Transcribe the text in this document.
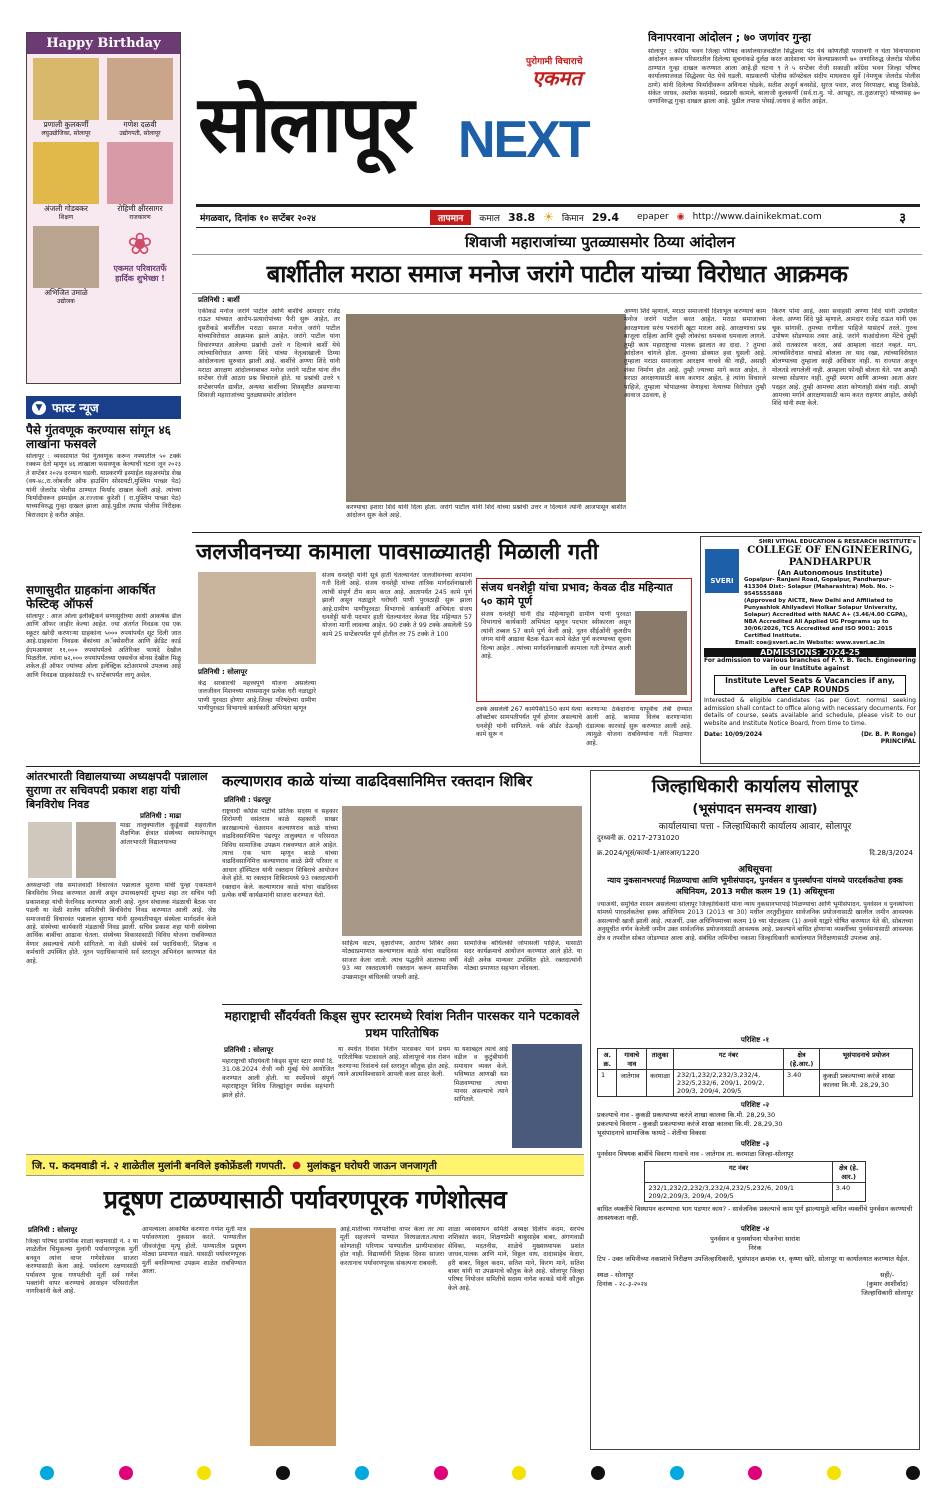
Happy Birthday
प्रणाली कुलकर्णी
लघुउद्योजिका, सोलापूर
गणेश दळवी
उद्योगपती, सोलापूर
अंजली गोडबकर
शिक्षण
रोहिणी क्षीरसागर
राजकारण
अभिजित उमाळे
उद्योजक
❀
एकमत परिवारतर्फे हार्दिक शुभेच्छा !
▼ फास्ट न्यूज
पैसे गुंतवणूक करण्यास सांगून ४६ लाखांना फसवले
सोलापूर : व्यवसायात पैसे गुंतवणूक करून नफ्यातील ५० टक्के रक्कम देतो म्हणून ४६ लाखाला फसवणूक केल्याची घटना जून २०२३ ते सप्टेंबर २०२४ दरम्यान घडली. याप्रकरणी इस्माईल सहअनमोड शेख (वय-४८,रा.जोबजीर ऑफ हाउसिंग सोसायटी,मुस्लिम पाच्छा पेठ) यांनी जेलरोड पोलीस ठाण्यात फिर्याद दाखल केली आहे. त्यांच्या फिर्यादीवरून इस्माईल अ.रज्जाक कुरेशी ( रा.मुस्लिम पाच्छा पेठ) याच्याविरुद्ध गुन्हा दाखल झाला आहे.पुढील तपास पोलीस निरीक्षक बिराजदार हे करीत आहेत.
सणासुदीत ग्राहकांना आकर्षित फेस्टिव्ह ऑफर्स
सोलापूर : आज ओला इलेक्ट्रिकने सणासुदीच्या आधी आकर्षक डील आणि ऑफर जाहीर केल्या आहेत. ज्या अंतर्गत निवडक एस एक स्कूटर खरेदी करणाऱ्या ग्राहकांना ५००० रुपयांपर्यंत सूट दिली जात आहे.ग्राहकांना निवडक बँकांच्या अॅक्सेसरीज आणि क्रेडिट कार्ड ईएमआयवर ११,००० रुपयांपर्यंतचे अतिरिक्त फायदे देखील मिळतील. त्यांना ७२,००० रुपयांपर्यंतच्या एक्सचेंज बोनस देखील मिळू शकेल.ही ऑफर ज्यांच्या ओला इलेक्ट्रिक स्टोअरमध्ये उपलब्ध आहे आणि निवडक ग्राहकांसाठी १५ सप्टेंबरपर्यंत लागू असेल.
सोलापूर
पुरोगामी विचाराचे
एकमत
NEXT
विनापरवाना आंदोलन ; ७० जणांवर गुन्हा
सोलापूर : कॉग्रेस भवन जिल्हा परिषद कार्यालयाजवळील सिद्धेश्वर पेठ येथे कोणतीही परवानगी न घेता विनापरवाना आंदोलन करून परिसरातील दिलेल्या सूचनांकडे दुर्लक्ष करत आदेशाचा भंग केल्याप्रकरणी ७० जणांविरुद्ध जेलरोड पोलीस ठाण्यात गुन्हा दाखल करण्यात आला आहे.ही घटना ९ ते ५ सप्टेंबर रोजी सकाळी कॉग्रेस भवन जिल्हा परिषद कार्यालयाजवळ सिद्धेश्वर पेठ येथे घडली. याप्रकरणी पोलीस कॉन्स्टेबल संदीप माधवराव सुर्वे (नेमणूक जेलरोड पोलीस ठाणे) यांनी दिलेल्या फिर्यादीवरून अविनाश घोडके, सतीश अजुर्न बनसोडे, सुरज पवार, शरद विरपाक्षर, बाळू ठिकोळे, संकेत जाधव, अशोक कदमसे, स्वप्नाली कामले, बालाजी कुलकर्णी (सर्व.रा.मु. पो. आपडूर, ता.तुळजापूर) यांच्यासह ७० जणांविरुद्ध गुन्हा दाखल झाला आहे. पुढील तपास पोसई.जाधव हे करीत आहेत.
मंगळवार, दिनांक १० सप्टेंबर २०२४	तापमान	कमाल 38.8 ☀ किमान 29.4 epaper ◉ http://www.dainikekmat.com	३
शिवाजी महाराजांच्या पुतळ्यासमोर ठिय्या आंदोलन
बार्शीतील मराठा समाज मनोज जरांगे पाटील यांच्या विरोधात आक्रमक
प्रतिनिधी : बार्शी
एकीकडे मनोज जरांगे पाटील आणि बार्शीचे आमदार राजेंद्र राऊत यांच्यात आरोप-प्रत्यारोपांच्या फैरी सुरू आहेत, तर दुसरीकडे बार्शीतील मराठा समाज मनोज जरांगे पाटील यांच्याविरोधात आक्रमक झाले आहेत. जरांगे पाटील यांना विचारण्यात आलेल्या प्रश्नांची उत्तरे न दिल्याने बार्शी येथे त्यांच्याविरोधात अण्णा शिंदे यांच्या नेतृत्वाखाली ठिय्या आंदोलनाला सुरुवात झाली आहे. बार्शीचे अण्णा शिंदे यांनी मराठा आरक्षण आंदोलनाबाबत मनोज जरांगे पाटील यांना तीन सप्टेंबर रोजी आठरा प्रश्न विचारले होते. या प्रश्नांची उत्तरे ९ सप्टेंबरपर्यंत द्यावीत, अन्यथा बार्शीच्या शिवसृष्टीत असणाऱ्या शिवाजी महाराजांच्या पुतळ्यासमोर आंदोलन
करण्याचा इशारा शिंदे यांनी दिला होता. जरांगे पाटील यांनी शिंदे यांच्या प्रश्नांची उत्तर न दिल्याने त्यांनी आजपासून बार्शीत आंदोलन सुरू केले आहे.
अण्णा शिंदे म्हणाले, मराठा समाजाची दिशाभूल करण्याचे काम मनोज जरांगे पाटील करत आहेत. मराठा समाजाच्या आरक्षणाला सरंच पचरांनी खूटा मारला आहे. आरक्षणाचा प्रश्न बाजूला राहिला आणि तुम्ही लोकांचा धमकवा धमवाला लागले. तुम्ही काय महाराष्ट्राचा मालक झालात का दादा. ? तुमचा आंदोलन चांगले होता. तुमच्या डोक्यात हवा घुसली आहे. तुम्हाला मराठा समाजाला आरक्षण नाचवे की नाही, असाही शंका निर्माण होत आहे. तुम्ही ज्याच्या मागे करत आहेत, ते मराठा आरक्षणासाठी काय करणार आहेत, हे त्यांना विचारले पाहिजे, तुम्हाला भोपाळच्या वेणाहचा नेत्याच्या विरोधात तुम्ही आवाज उठवला, हे
किरण पोमा आहे, असा सवाहसी अण्णा शिंदे यांनी उपस्थित केला. अण्णा शिंदे पुढे म्हणाले, आमदार राजेंद्र राऊत यांनी एक चूक सांगावी. तुमच्या राणीला पाहिजे यासंदर्भ तरले. गुरुच उपोषण सोडण्यास तयार आहे. जरांगे याआंदोलना मेंटेचे तुम्ही असे रातकारण करता, असं आम्हाला वाटतं नव्हतं. मग, त्यांच्यविरोधात याचाडे बोलला तर याद रखा, त्यांच्याविरोधात बोलण्याच्या तुम्हाला काही अधिकार नाही. या राज्यात अजून मोलतडे लागलेली नाही. आम्हाला फोनही बोलता येते. पण आम्ही सरच्चा सोडणार नाही. तुम्ही स्मरण आणि आम्च्या आता अंतर पदहत आहे. तुम्ही आमच्या आता कोणताही संबंध नाही. आम्ही आमच्या मर्गाने आरक्षणासाठी काम करत राहणार आहोत, असेही शिंदे यांनी स्पष्ट केले.
जलजीवनच्या कामाला पावसाळ्यातही मिळाली गती
प्रतिनिधी : सोलापूर
केंद्र सरकारची महत्त्वपूर्ण योजना असलेल्या जलजीवन मिशनच्या माध्यमातून प्रत्येक घरी नळाद्वारे पाणी पुरवठा होणार आहे.जिल्हा परिषदेच्या ग्रामीण पाणीपुरवठा विभागाचे कार्यकारी अभियंता म्हणून
संजय धनशेट्टी यांनी सूत्रे हाती घेतल्यानंतर जलजीवनच्या कामांना गती दिली आहे. संजय धनशेट्टी यांच्या तांत्रिक मार्गदर्शनाखाली त्यांची संपूर्ण टीम काम करत आहे. आतापर्यंत 245 कामे पूर्ण झाली असून नळाद्वारे घरोघरी पाणी पुरवठाही सुरू झाला आहे.ग्रामीण पाणीपुरवठा विभागाचे कार्यकारी अभियंता संजय धनशेट्टी यांनी पदभार हाती घेतल्यानंतर केवळ दिड महिन्यात 57 योजना मार्गी लावल्या आहेत. 90 टक्के ते 99 टक्के असलेली 59 कामे 25 सप्टेंबरपर्यंत पूर्ण होतील तर 75 टक्के ते 100
संजय धनशेट्टी यांचा प्रभाव; केवळ दीड महिन्यात ५० कामे पूर्ण
संजय धनशेट्टी यांनी दीड महिन्यापूर्वी ग्रामीण पाणी पुरवठा विभागाचे कार्यकारी अभियंता म्हणून पदभार स्वीकारला असून त्यांनी तब्बल 57 कामे पूर्ण केली आहे. नूतन सीईओंनी कुलदीप जंगम यांनी आढावा बैठक घेऊन कामे वेळेत पूर्ण करण्याच्या सूचना दिल्या आहेत . त्यांच्या मार्गदर्शनाखाली कामाला गती देण्यात आली आहे.
टक्के असलेली 267 कामेपैकी150 कामे येत्या ऑक्टोबर सामपतीपर्यंत पूर्ण होणार असल्याचे धनशेट्टी यांनी सांगितले. वर्क ऑर्डर देऊनही कामे सुरू न
करणाऱ्या ठेकेदारांना यापूर्वीच तंबी देण्यात आली आहे. कामास विलंब करणाऱ्यांना दंडात्मक कारवाई सुरू करण्यात आली आहे. त्यामुळे योजना राबविण्यांना गती मिळणार आहे.
SHRI VITHAL EDUCATION & RESEARCH INSTITUTE's
SVERI
COLLEGE OF ENGINEERING, PANDHARPUR
(An Autonomous Institute)
Gopalpur- Ranjani Road, Gopalpur, Pandharpur- 413304 Dist:- Solapur (Maharashtra) Mob. No. :- 9545555888
(Approved by AICTE, New Delhi and Affiliated to Punyashlok Ahilyadevi Holkar Solapur University, Solapur) Accredited with NAAC A+ (3.46/4.00 CGPA), NBA Accredited All Applied UG Programs up to 30/06/2026, TCS Accredited and ISO 9001: 2015 Certified Institute.
Email: coe@sveri.ac.in Website: www.sveri.ac.in
ADMISSIONS: 2024-25
For admission to various branches of F. Y. B. Tech. Engineering in our Institute against
Institute Level Seats & Vacancies if any, after CAP ROUNDS
Interested & eligible candidates (as per Govt. norms) seeking admission shall contact to office along with necessary documents. For details of course, seats available and schedule, please visit to our website and Institute Notice Board, from time to time.
Date: 10/09/2024	(Dr. B. P. Ronge)
PRINCIPAL
आंतरभारती विद्यालयाच्या अध्यक्षपदी पन्नालाल सुराणा तर सचिवपदी प्रकाश शहा यांची बिनविरोध निवड
प्रतिनिधी : माढा
माढा तालुक्यातील कुर्डूवाडी शहरातील शैक्षणिक क्षेत्रात संस्थेच्या स्थापनेपासून आंतरभारती विद्यालयाच्या
अध्यक्षपदी जेष्ठ समाजवादी विचारवंत पन्नालाल सुराणा यांची पुन्हा एकमताने बिनविरोध निवड करण्यात आली असून उपाध्यक्षपदी शुभदा शहा तर सचिव पदी प्रकाशशहा यांची फेरनिवड करण्यात आली आहे. नूतन संचालक मंडळाची बैठक पार पडली या वेळी शालेय समितीची बिनविरोध निवड करण्यात आली आहे. जेष्ठ समाजवादी विचारवंत पन्नालाल सुराणा यांनी सुरुवातीपासून संस्थेला मार्गदर्शन केले आहे. संस्थेच्या कार्यकारी मंडळाची निवड झाली. सचिव प्रकाश शहा यांनी संस्थेच्या आर्थिक बाबींचा आढावा घेतला. संस्थेच्या विकासासाठी विविध योजना राबविण्यात येणार असल्याचे त्यांनी सांगितले. या वेळी संस्थेचे सर्व पदाधिकारी, शिक्षक व कर्मचारी उपस्थित होते. नूतन पदाधिकाऱ्यांचे सर्व स्तरातून अभिनंदन करण्यात येत आहे.
कल्याणराव काळे यांच्या वाढदिवसानिमित्त रक्तदान शिबिर
प्रतिनिधी : पंढरपूर
राष्ट्रवादी कॉंग्रेस पार्टीचे प्रांतिक सदस्य व सहकार शिरोमणी वसंतराव काळे सहकारी साखर कारखान्याचे चेअरमन कल्याणराव काळे यांच्या वाढदिवसानिमित्त पंढरपूर तालुक्यात व परिसरात विविध सामाजिक उपक्रम राबवण्यात आले आहेत. त्याच एक भाग म्हणून काळे यांच्या वाढदिवसानिमित्त कल्याणराव काळे प्रेमी परिवार व आधार हॉस्पिटल यांनी रक्तदान शिबिराचे आयोजन केले होते. या रक्तदान शिबिरामध्ये 93 रक्तदात्यांनी रक्तदान केले. कल्याणराव काळे यांचा वाढदिवस प्रत्येक वर्षी कार्यक्रमांनी साजरा करण्यात येतो.
साहित्य वाटप, वृक्षारोपण, आरोग्य शिबिर असा मोठ्याप्रमाणात कल्याणराव काळे यांचा वाढदिवस साजरा केला जातो. त्याच पद्धतीने आताच्या वर्षी 93 व्या रक्तदात्यांनी रक्तदान करून सामाजिक उपक्रमातून बांधिलकी जपली आहे.
सामाजिक बांधिलकी जोपासली पाहिजे, यासाठी सदर कार्यक्रमाचे आयोजन करण्यात आले होते. या वेळी अनेक मान्यवर उपस्थित होते. रक्तदात्यांनी मोठ्या प्रमाणात सहभाग नोंदवला.
महाराष्ट्राची सौंदर्यवती किड्स सुपर स्टारमध्ये रिवांश नितीन पारसकर याने पटकावले प्रथम पारितोषिक
प्रतिनिधी : सोलापूर
महाराष्ट्राची सौंदर्यवती किड्स सुपर स्टार स्पर्धा दि. 31.08.2024 रोजी नवी मुंबई येथे आयोजित करण्यात आली होती. या स्पर्धेमध्ये संपूर्ण महाराष्ट्रातून विविध जिल्ह्यांतून स्पर्धक सहभागी झाले होते.
या स्पर्धेत रिवांश नितीन पारसकर याने प्रथम पारितोषिक पटकावले आहे. सोलापूरचे नाव रोशन करणाऱ्या रिवांशचे सर्व स्तरातून कौतुक होत आहे. त्याने आत्मविश्वासाने आपली कला सादर केली.
या यशाबद्दल त्याचे आई वडील व कुटुंबीयांनी समाधान व्यक्त केले. भविष्यात आणखी यश मिळवण्याचा त्याचा मानस असल्याचे त्याने सांगितले.
जिल्हाधिकारी कार्यालय सोलापूर
(भूसंपादन समन्वय शाखा)
कार्यालयाचा पत्ता - जिल्हाधिकारी कार्यालय आवार, सोलापूर
दुरध्वनी क्र. 0217-2731020
क्र.2024/भूसं/कार्या-1/आरआर/1220	दि.28/3/2024
अधिसूचना
न्याय नुकसानभरपाई मिळण्याचा आणि भूमीसंपादन, पुनर्वसन व पुनर्स्थापना यांमध्ये पारदर्शकतेचा हक्क अधिनियम, 2013 मधील कलम 19 (1) अधिसूचना
ज्याअर्थी, समुचित शासन असलेल्या सोलापूर जिल्हाधिकारी यांना न्याय नुकसानभरपाई मिळण्याचा आणि भूमीसंपादन, पुनर्वसन व पुनर्स्थापना यांमध्ये पारदर्शकतेचा हक्क अधिनियम 2013 (2013 चा 30) मधील तरतुदीनुसार सार्वजनिक प्रयोजनासाठी खालील जमीन आवश्यक असल्याची खात्री झाली आहे. त्याअर्थी, उक्त अधिनियमाच्या कलम 19 च्या पोटकलम (1) अन्वये याद्वारे घोषित करण्यात येते की, सोबतच्या अनुसूचीत वर्णन केलेली जमीन उक्त सार्वजनिक प्रयोजनासाठी आवश्यक आहे. प्रकल्पाने बाधित होणाऱ्या व्यक्तींच्या पुनर्वसनासाठी आवश्यक क्षेत्र व तपशील सोबत जोडण्यात आला आहे. संबंधित जमिनीचा नकाशा जिल्हाधिकारी कार्यालयात निरीक्षणासाठी उपलब्ध आहे.
परिशिष्ट -१
अ. क्र.	गावाचे नाव	तालुका	गट नंबर	क्षेत्र (हे.आर.)	भूसंपादनाचे प्रयोजन
1	जातेगाव	करमाळा	232/1,232/2,232/3,232/4, 232/5,232/6, 209/1, 209/2, 209/3, 209/4, 209/5	3.40	कुकडी प्रकल्पाच्या करंजे शाखा कालवा कि.मी. 28,29,30
परिशिष्ट -२
प्रकल्पाचे नाव - कुकडी प्रकल्पाच्या करंजे शाखा कालवा कि.मी. 28,29,30
प्रकल्पाचे विवरण - कुकडी प्रकल्पाच्या करंजे शाखा कालवा कि.मी. 28,29,30
भूसंपादनाचे सामाजिक फायदे - शेतीचा विकास
परिशिष्ट -३
पुनर्वसन विषयक बाबींचे विवरण गावाचे नाव - जातेगाव ता. करमाळा जिल्हा-सोलापूर
गट नंबर	क्षेत्र (हे. आर.)
232/1,232/2,232/3,232/4,232/5,232/6, 209/1 209/2,209/3, 209/4, 209/5	3.40
बाधित व्यक्तींचे विस्थापन करण्याचा भाग पडणार काय? - सार्वजनिक प्रकल्पाचे काम पूर्ण झाल्यामुळे बाधित व्यक्तींचे पुनर्वसन करण्याची आवश्यकता नाही.
परिशिष्ट -४
पुनर्वसन व पुनर्स्थापना योजनेचा सारांश
निरंक
टिप - उक्त जमिनीच्या नकाशाचे निरीक्षण उपजिल्हाधिकारी, भूसंपादन क्रमांक ११, कृष्णा खोरे, सोलापूर या कार्यालयात करण्यात येईल.
स्थळ - सोलापूर
दिनांक - २८-३-२०२४
सही/-
(कुमार आशीर्वाद)
जिल्हाधिकारी सोलापूर
जि. प. कदमवाडी नं. २ शाळेतील मुलांनी बनविले इकोफ्रेंडली गणपती. ● मुलांकडून घरोघरी जाऊन जनजागृती
प्रदूषण टाळण्यासाठी पर्यावरणपूरक गणेशोत्सव
प्रतिनिधी : सोलापूर
जिल्हा परिषद प्राथमिक शाळा कदमवाडी नं. २ या शाळेतील चिमुकल्या मुलांनी पर्यावरणपूरक मुर्ती बनवून त्यांना वापर गणेशोत्सव साजरा करण्यासाठी केला आहे. पर्यावरण रक्षणासाठी पर्यावरण पूरक गणपतीची मूर्ती सर्व गणेश भक्तांनी वापर करण्याचे आवाहन परिसरांतील नागरिकांनी केले आहे.
आपल्याला आकर्षित करणारा गणेश मूर्ती मात्र पर्यावरणाला नुकसान करते. पाण्यातील जीवजंतूंचा मृत्यू होतो. पाण्यातील प्रदूषण मोठ्या प्रमाणात वाढते. यासाठी पर्यावरणपूरक मुर्ती बनविण्याचा उपक्रम शाळेत राबविण्यात आला.
आहे.मातीच्या गणपतीचा वापर केला तर त्या मूर्ती सहजपणे पाण्यात विरघळतात.त्याचा कोणताही परिणाम पाण्यातील प्राणीमात्रांवर होत नाही. विद्यार्थ्यांनी शिक्षक दिवस साजरा करतानाच पर्यावरणपूरक संकल्पना राबवली.
शाळा व्यवस्थापन समिती अध्यक्ष दिलीप कदम, सरपंच शशिकांत कदम, शिक्षणप्रेमी बाबुसाहेब बाबर, अंगणवाडी सेविका, मदतनीस, शाळेचे मुख्याध्यापक प्रशांत जाधव,पालक आणि माने, विठ्ठल वाघ, दादासाहेब केदार, हरी बाबर, विठ्ठल कदम, सतिश माने, किरण माने, सतिश बाबर यांनी या उपक्रमाचे कौतुक केले आहे. सोलापूर जिल्हा परिषद नियोजन समितीचे सदस्य नागेश काकडे यांनी कौतुक केले आहे.
